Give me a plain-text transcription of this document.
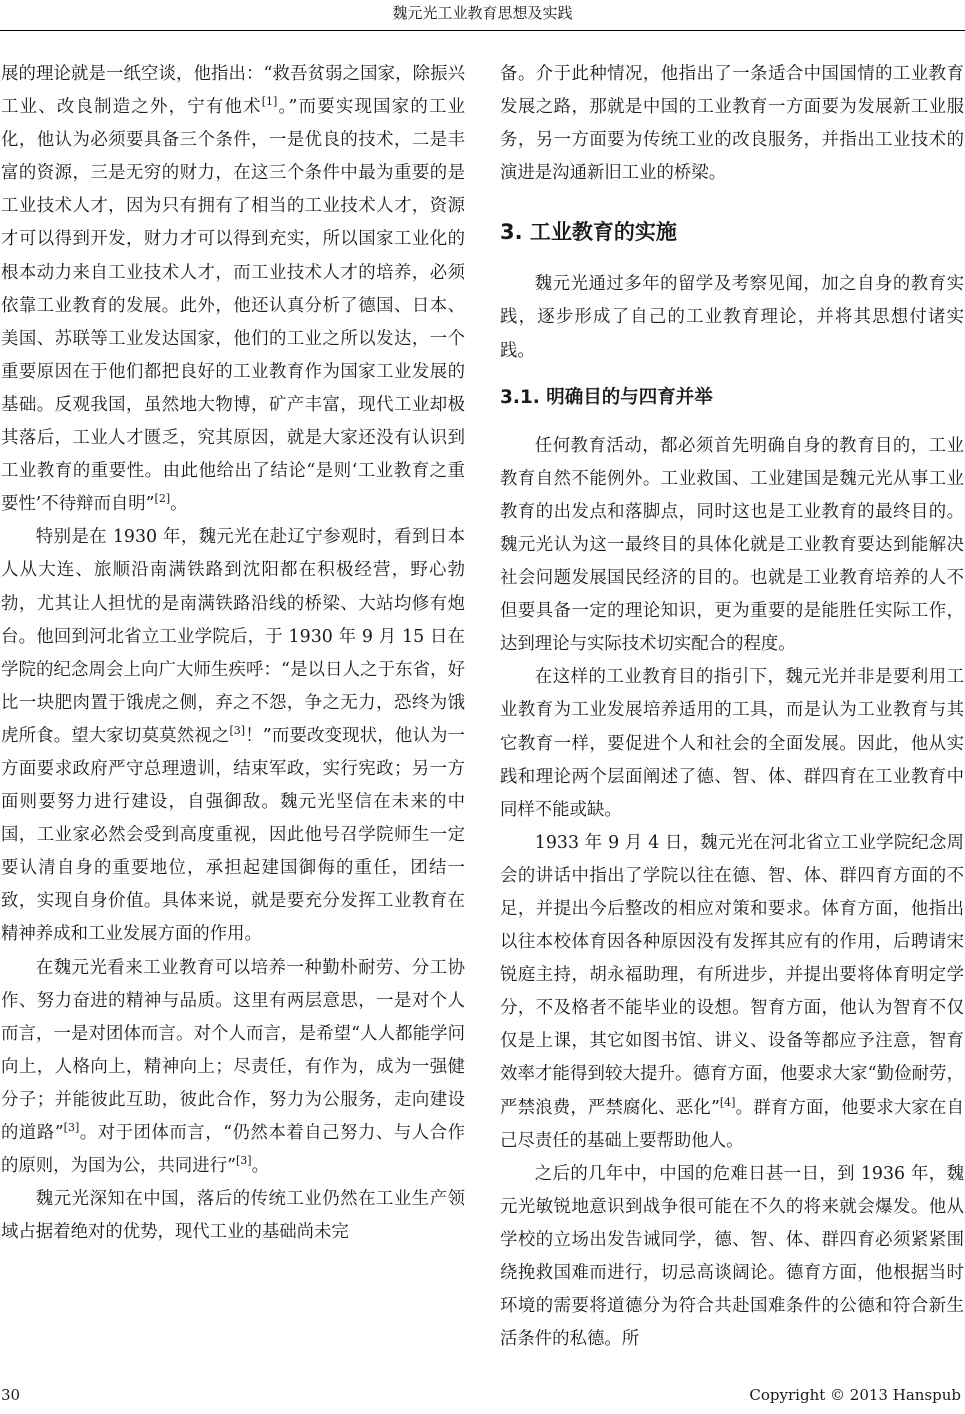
魏元光工业教育思想及实践

展的理论就是一纸空谈，他指出：“救吾贫弱之国家，除振兴工业、改良制造之外，宁有他术[1]。”而要实现国家的工业化，他认为必须要具备三个条件，一是优良的技术，二是丰富的资源，三是无穷的财力，在这三个条件中最为重要的是工业技术人才，因为只有拥有了相当的工业技术人才，资源才可以得到开发，财力才可以得到充实，所以国家工业化的根本动力来自工业技术人才，而工业技术人才的培养，必须依靠工业教育的发展。此外，他还认真分析了德国、日本、美国、苏联等工业发达国家，他们的工业之所以发达，一个重要原因在于他们都把良好的工业教育作为国家工业发展的基础。反观我国，虽然地大物博，矿产丰富，现代工业却极其落后，工业人才匮乏，究其原因，就是大家还没有认识到工业教育的重要性。由此他给出了结论“是则‘工业教育之重要性’不待辩而自明”[2]。

特别是在 1930 年，魏元光在赴辽宁参观时，看到日本人从大连、旅顺沿南满铁路到沈阳都在积极经营，野心勃勃，尤其让人担忧的是南满铁路沿线的桥梁、大站均修有炮台。他回到河北省立工业学院后，于 1930 年 9 月 15 日在学院的纪念周会上向广大师生疾呼：“是以日人之于东省，好比一块肥肉置于饿虎之侧，弃之不怨，争之无力，恐终为饿虎所食。望大家切莫莫然视之[3]！”而要改变现状，他认为一方面要求政府严守总理遗训，结束军政，实行宪政；另一方面则要努力进行建设，自强御敌。魏元光坚信在未来的中国，工业家必然会受到高度重视，因此他号召学院师生一定要认清自身的重要地位，承担起建国御侮的重任，团结一致，实现自身价值。具体来说，就是要充分发挥工业教育在精神养成和工业发展方面的作用。

在魏元光看来工业教育可以培养一种勤朴耐劳、分工协作、努力奋进的精神与品质。这里有两层意思，一是对个人而言，一是对团体而言。对个人而言，是希望“人人都能学问向上，人格向上，精神向上；尽责任，有作为，成为一强健分子；并能彼此互助，彼此合作，努力为公服务，走向建设的道路”[3]。对于团体而言，“仍然本着自己努力、与人合作的原则，为国为公，共同进行”[3]。

魏元光深知在中国，落后的传统工业仍然在工业生产领域占据着绝对的优势，现代工业的基础尚未完

备。介于此种情况，他指出了一条适合中国国情的工业教育发展之路，那就是中国的工业教育一方面要为发展新工业服务，另一方面要为传统工业的改良服务，并指出工业技术的演进是沟通新旧工业的桥梁。

3. 工业教育的实施

魏元光通过多年的留学及考察见闻，加之自身的教育实践，逐步形成了自己的工业教育理论，并将其思想付诸实践。

3.1. 明确目的与四育并举

任何教育活动，都必须首先明确自身的教育目的，工业教育自然不能例外。工业救国、工业建国是魏元光从事工业教育的出发点和落脚点，同时这也是工业教育的最终目的。魏元光认为这一最终目的具体化就是工业教育要达到能解决社会问题发展国民经济的目的。也就是工业教育培养的人不但要具备一定的理论知识，更为重要的是能胜任实际工作，达到理论与实际技术切实配合的程度。

在这样的工业教育目的指引下，魏元光并非是要利用工业教育为工业发展培养适用的工具，而是认为工业教育与其它教育一样，要促进个人和社会的全面发展。因此，他从实践和理论两个层面阐述了德、智、体、群四育在工业教育中同样不能或缺。

1933 年 9 月 4 日，魏元光在河北省立工业学院纪念周会的讲话中指出了学院以往在德、智、体、群四育方面的不足，并提出今后整改的相应对策和要求。体育方面，他指出以往本校体育因各种原因没有发挥其应有的作用，后聘请宋锐庭主持，胡永福助理，有所进步，并提出要将体育明定学分，不及格者不能毕业的设想。智育方面，他认为智育不仅仅是上课，其它如图书馆、讲义、设备等都应予注意，智育效率才能得到较大提升。德育方面，他要求大家“勤俭耐劳，严禁浪费，严禁腐化、恶化”[4]。群育方面，他要求大家在自己尽责任的基础上要帮助他人。

之后的几年中，中国的危难日甚一日，到 1936 年，魏元光敏锐地意识到战争很可能在不久的将来就会爆发。他从学校的立场出发告诫同学，德、智、体、群四育必须紧紧围绕挽救国难而进行，切忌高谈阔论。德育方面，他根据当时环境的需要将道德分为符合共赴国难条件的公德和符合新生活条件的私德。所

30	Copyright © 2013 Hanspub
